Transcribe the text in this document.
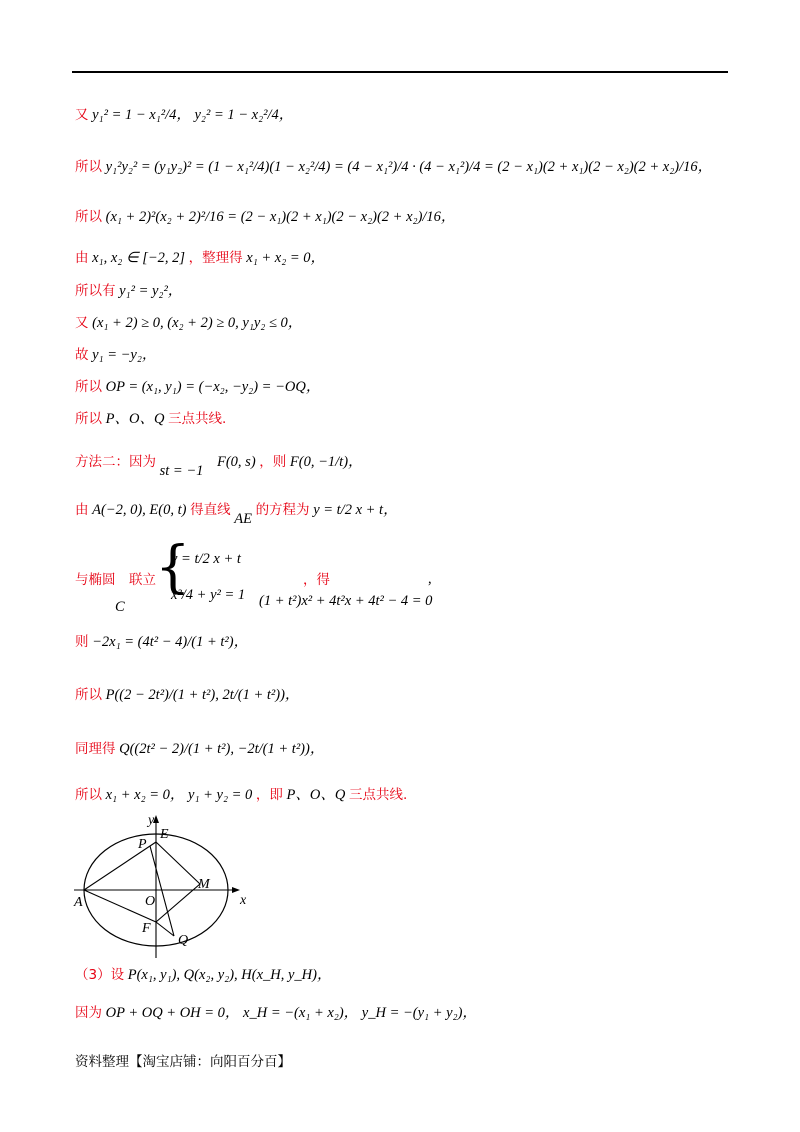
又 y₁² = 1 − x₁²/4， y₂² = 1 − x₂²/4，
所以 y₁²y₂² = (y₁y₂)² = (1 − x₁²/4)(1 − x₂²/4) = (4 − x₁²)/4 · (4 − x₁²)/4 = (2 − x₁)(2 + x₁)(2 − x₂)(2 + x₂)/16，
所以 (x₁ + 2)²(x₂ + 2)²/16 = (2 − x₁)(2 + x₁)(2 − x₂)(2 + x₂)/16，
由 x₁, x₂ ∈ [−2, 2] ，整理得 x₁ + x₂ = 0，
所以有 y₁² = y₂²，
又 (x₁ + 2) ≥ 0, (x₂ + 2) ≥ 0, y₁y₂ ≤ 0，
故 y₁ = −y₂，
所以 OP = (x₁, y₁) = (−x₂, −y₂) = −OQ，
所以 P、O、Q 三点共线.
方法二：因为 st = −1 F(0, s) ，则 F(0, −1/t)，
由 A(−2, 0), E(0, t) 得直线 AE 的方程为 y = t/2 x + t，
与椭圆 联立
C
{
y = t/2 x + t
x²/4 + y² = 1
，得
(1 + t²)x² + 4t²x + 4t² − 4 = 0
,
则 −2x₁ = (4t² − 4)/(1 + t²)，
所以 P((2 − 2t²)/(1 + t²), 2t/(1 + t²))，
同理得 Q((2t² − 2)/(1 + t²), −2t/(1 + t²))，
所以 x₁ + x₂ = 0， y₁ + y₂ = 0 ，即 P、O、Q 三点共线.
y
x
E
P
M
A	O
F
Q
（3）设 P(x₁, y₁), Q(x₂, y₂), H(x_H, y_H)，
因为 OP + OQ + OH = 0， x_H = −(x₁ + x₂)， y_H = −(y₁ + y₂)，
资料整理【淘宝店铺：向阳百分百】
